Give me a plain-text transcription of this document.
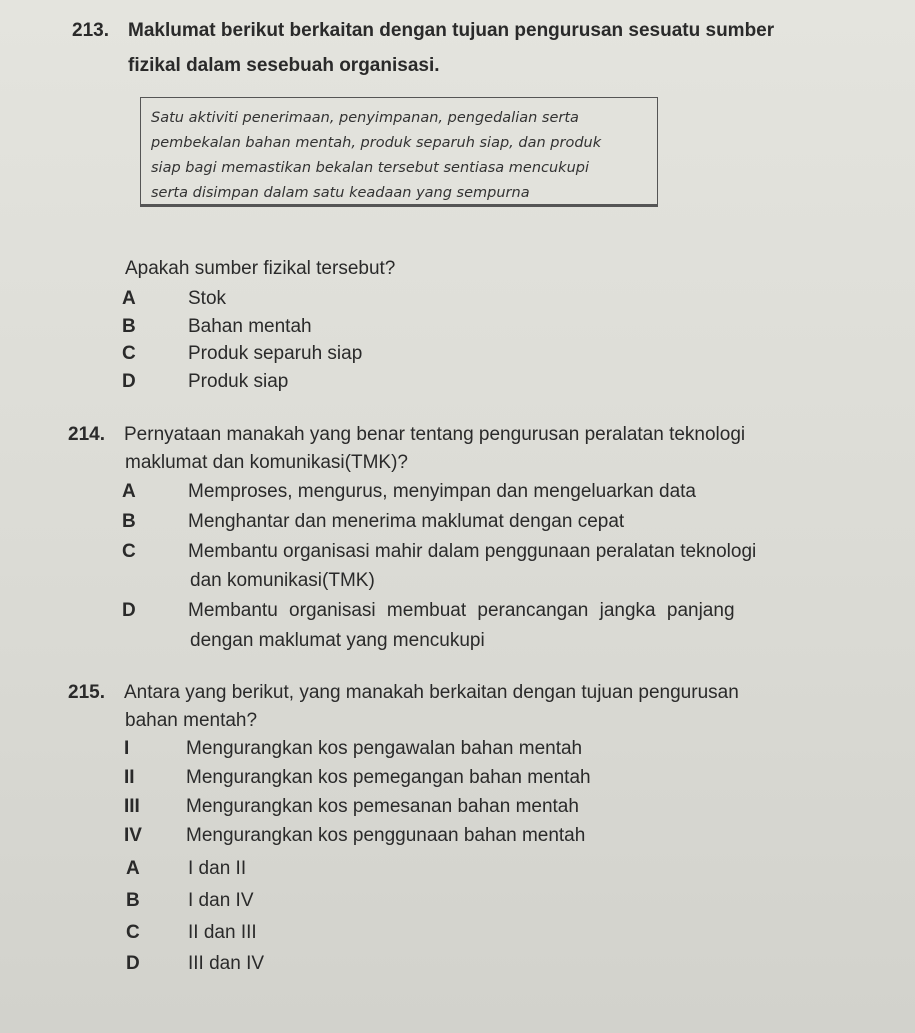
213.	Maklumat berikut berkaitan dengan tujuan pengurusan sesuatu sumber
fizikal dalam sesebuah organisasi.
Satu aktiviti penerimaan, penyimpanan, pengedalian serta
pembekalan bahan mentah, produk separuh siap, dan produk
siap bagi memastikan bekalan tersebut sentiasa mencukupi
serta disimpan dalam satu keadaan yang sempurna
Apakah sumber fizikal tersebut?
A	Stok
B	Bahan mentah
C	Produk separuh siap
D	Produk siap
214.	Pernyataan manakah yang benar tentang pengurusan peralatan teknologi
maklumat dan komunikasi(TMK)?
A	Memproses, mengurus, menyimpan dan mengeluarkan data
B	Menghantar dan menerima maklumat dengan cepat
C	Membantu organisasi mahir dalam penggunaan peralatan teknologi
dan komunikasi(TMK)
D	Membantu organisasi membuat perancangan jangka panjang
dengan maklumat yang mencukupi
215.	Antara yang berikut, yang manakah berkaitan dengan tujuan pengurusan
bahan mentah?
I	Mengurangkan kos pengawalan bahan mentah
II	Mengurangkan kos pemegangan bahan mentah
III	Mengurangkan kos pemesanan bahan mentah
IV	Mengurangkan kos penggunaan bahan mentah
A	I dan II
B	I dan IV
C	II dan III
D	III dan IV
